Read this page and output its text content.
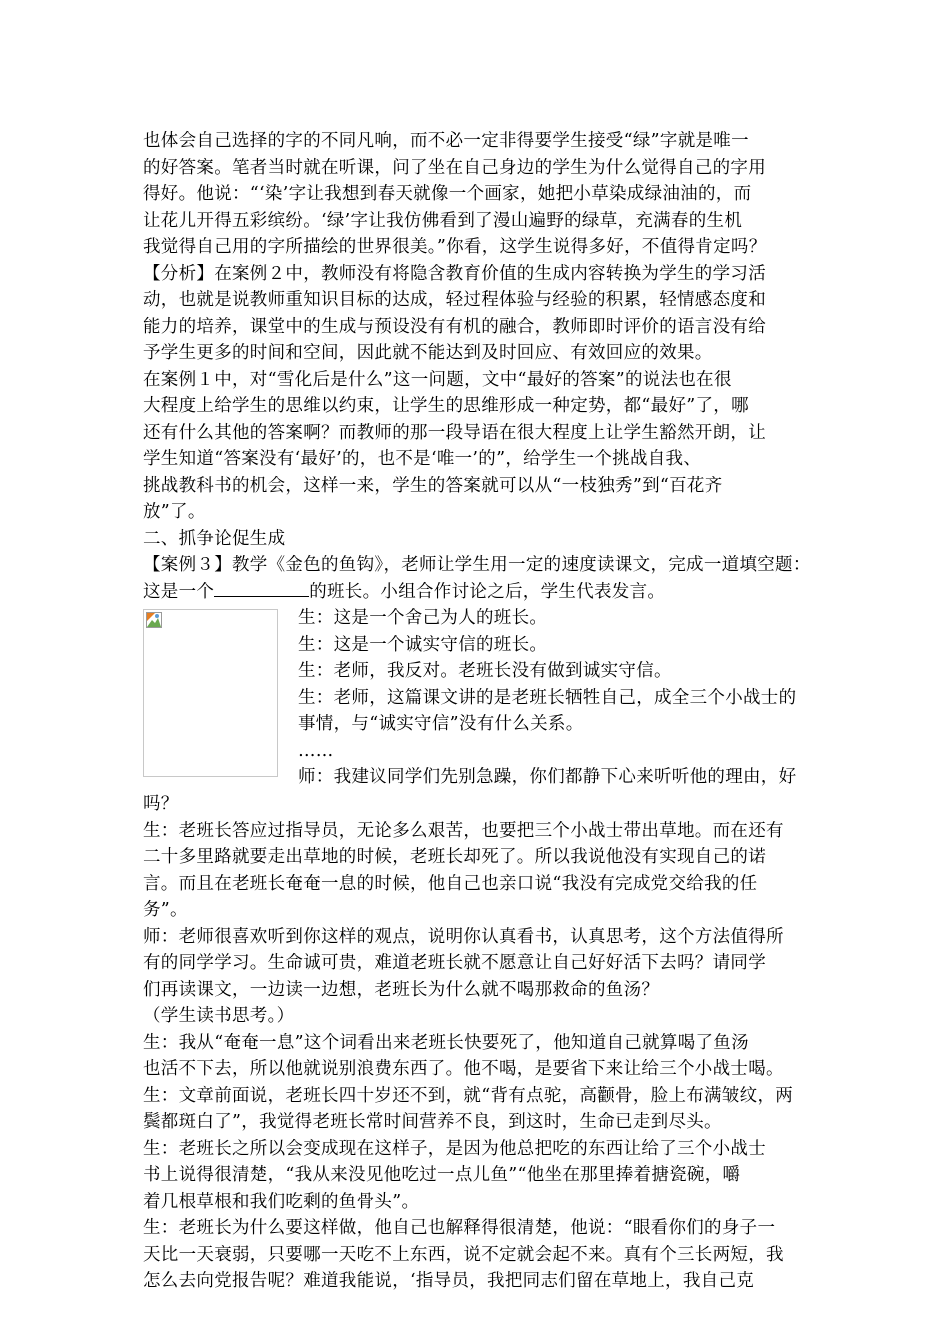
也体会自己选择的字的不同凡响，而不必一定非得要学生接受“绿”字就是唯一
的好答案。笔者当时就在听课，问了坐在自己身边的学生为什么觉得自己的字用
得好。他说：“‘染’字让我想到春天就像一个画家，她把小草染成绿油油的，而
让花儿开得五彩缤纷。‘绿’字让我仿佛看到了漫山遍野的绿草，充满春的生机
我觉得自己用的字所描绘的世界很美。”你看，这学生说得多好，不值得肯定吗？
【分析】在案例２中，教师没有将隐含教育价值的生成内容转换为学生的学习活
动，也就是说教师重知识目标的达成，轻过程体验与经验的积累，轻情感态度和
能力的培养，课堂中的生成与预设没有有机的融合，教师即时评价的语言没有给
予学生更多的时间和空间，因此就不能达到及时回应、有效回应的效果。
在案例１中，对“雪化后是什么”这一问题，文中“最好的答案”的说法也在很
大程度上给学生的思维以约束，让学生的思维形成一种定势，都“最好”了，哪
还有什么其他的答案啊？而教师的那一段导语在很大程度上让学生豁然开朗，让
学生知道“答案没有‘最好’的，也不是‘唯一’的”，给学生一个挑战自我、
挑战教科书的机会，这样一来，学生的答案就可以从“一枝独秀”到“百花齐
放”了。
二、抓争论促生成
【案例３】教学《金色的鱼钩》，老师让学生用一定的速度读课文，完成一道填空题：
这是一个	的班长。小组合作讨论之后，学生代表发言。
生：这是一个舍己为人的班长。
生：这是一个诚实守信的班长。
生：老师，我反对。老班长没有做到诚实守信。
生：老师，这篇课文讲的是老班长牺牲自己，成全三个小战士的
事情，与“诚实守信”没有什么关系。
……
师：我建议同学们先别急躁，你们都静下心来听听他的理由，好
吗？
生：老班长答应过指导员，无论多么艰苦，也要把三个小战士带出草地。而在还有
二十多里路就要走出草地的时候，老班长却死了。所以我说他没有实现自己的诺
言。而且在老班长奄奄一息的时候，他自己也亲口说“我没有完成党交给我的任
务”。
师：老师很喜欢听到你这样的观点，说明你认真看书，认真思考，这个方法值得所
有的同学学习。生命诚可贵，难道老班长就不愿意让自己好好活下去吗？请同学
们再读课文，一边读一边想，老班长为什么就不喝那救命的鱼汤？
（学生读书思考。）
生：我从“奄奄一息”这个词看出来老班长快要死了，他知道自己就算喝了鱼汤
也活不下去，所以他就说别浪费东西了。他不喝，是要省下来让给三个小战士喝。
生：文章前面说，老班长四十岁还不到，就“背有点驼，高颧骨，脸上布满皱纹，两
鬓都斑白了”，我觉得老班长常时间营养不良，到这时，生命已走到尽头。
生：老班长之所以会变成现在这样子，是因为他总把吃的东西让给了三个小战士
书上说得很清楚，“我从来没见他吃过一点儿鱼”“他坐在那里捧着搪瓷碗，嚼
着几根草根和我们吃剩的鱼骨头”。
生：老班长为什么要这样做，他自己也解释得很清楚，他说：“眼看你们的身子一
天比一天衰弱，只要哪一天吃不上东西，说不定就会起不来。真有个三长两短，我
怎么去向党报告呢？难道我能说，‘指导员，我把同志们留在草地上，我自己克
